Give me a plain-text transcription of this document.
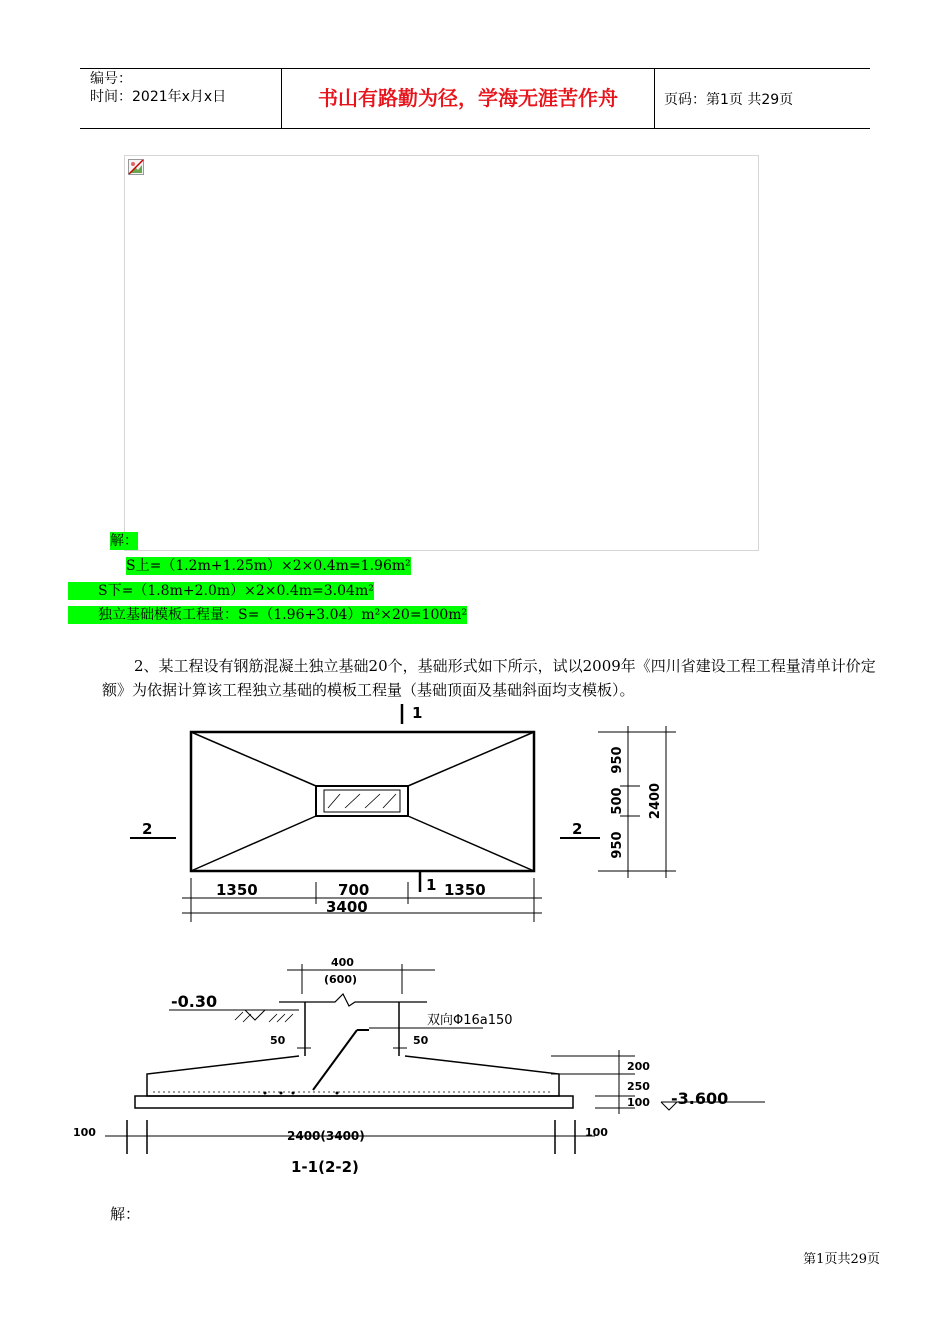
编号：
时间：2021年x月x日	书山有路勤为径，学海无涯苦作舟	页码：第1页 共29页
解：
S上=（1.2m+1.25m）×2×0.4m=1.96m²
S下=（1.8m+2.0m）×2×0.4m=3.04m²
独立基础模板工程量：S=（1.96+3.04）m²×20=100m²
2、某工程设有钢筋混凝土独立基础20个，基础形式如下所示，试以2009年《四川省建设工程工程量清单计价定额》为依据计算该工程独立基础的模板工程量（基础顶面及基础斜面均支模板）。
1
1
2	2
1350	700	1350
3400
950
500
950
2400
400
(600)
-0.30
双向Φ16a150
50	50
200
250
100 -3.600
100	100
2400(3400)
1-1(2-2)
解：
第1页共29页
